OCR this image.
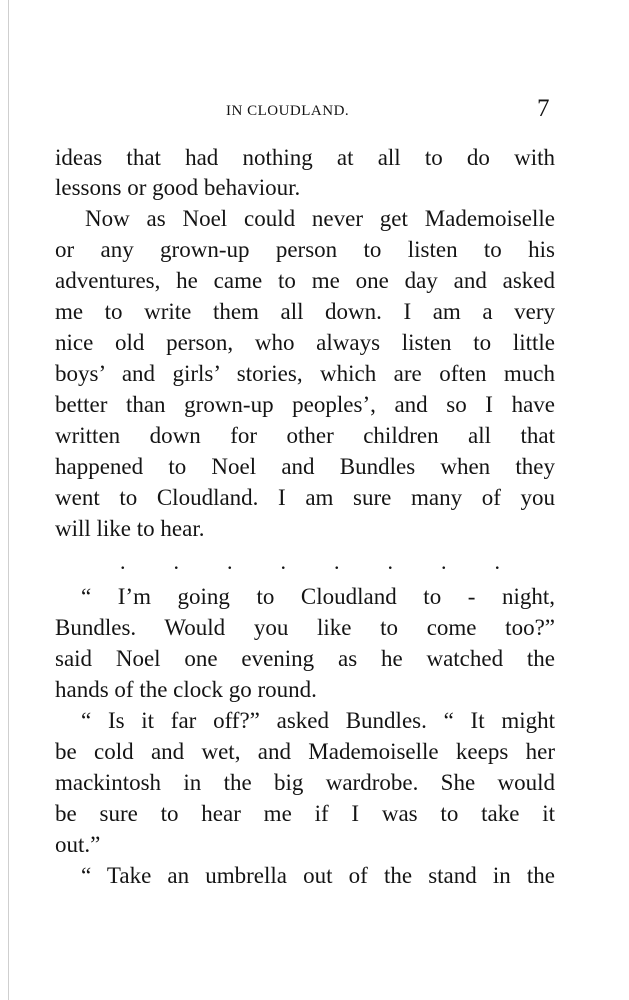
IN CLOUDLAND.	7
ideas that had nothing at all to do with
lessons or good behaviour.
Now as Noel could never get Mademoiselle
or any grown-up person to listen to his
adventures, he came to me one day and asked
me to write them all down. I am a very
nice old person, who always listen to little
boys’ and girls’ stories, which are often much
better than grown-up peoples’, and so I have
written down for other children all that
happened to Noel and Bundles when they
went to Cloudland. I am sure many of you
will like to hear.
. . . . . . . .
“ I’m going to Cloudland to - night,
Bundles. Would you like to come too?”
said Noel one evening as he watched the
hands of the clock go round.
“ Is it far off?” asked Bundles. “ It might
be cold and wet, and Mademoiselle keeps her
mackintosh in the big wardrobe. She would
be sure to hear me if I was to take it
out.”
“ Take an umbrella out of the stand in the
